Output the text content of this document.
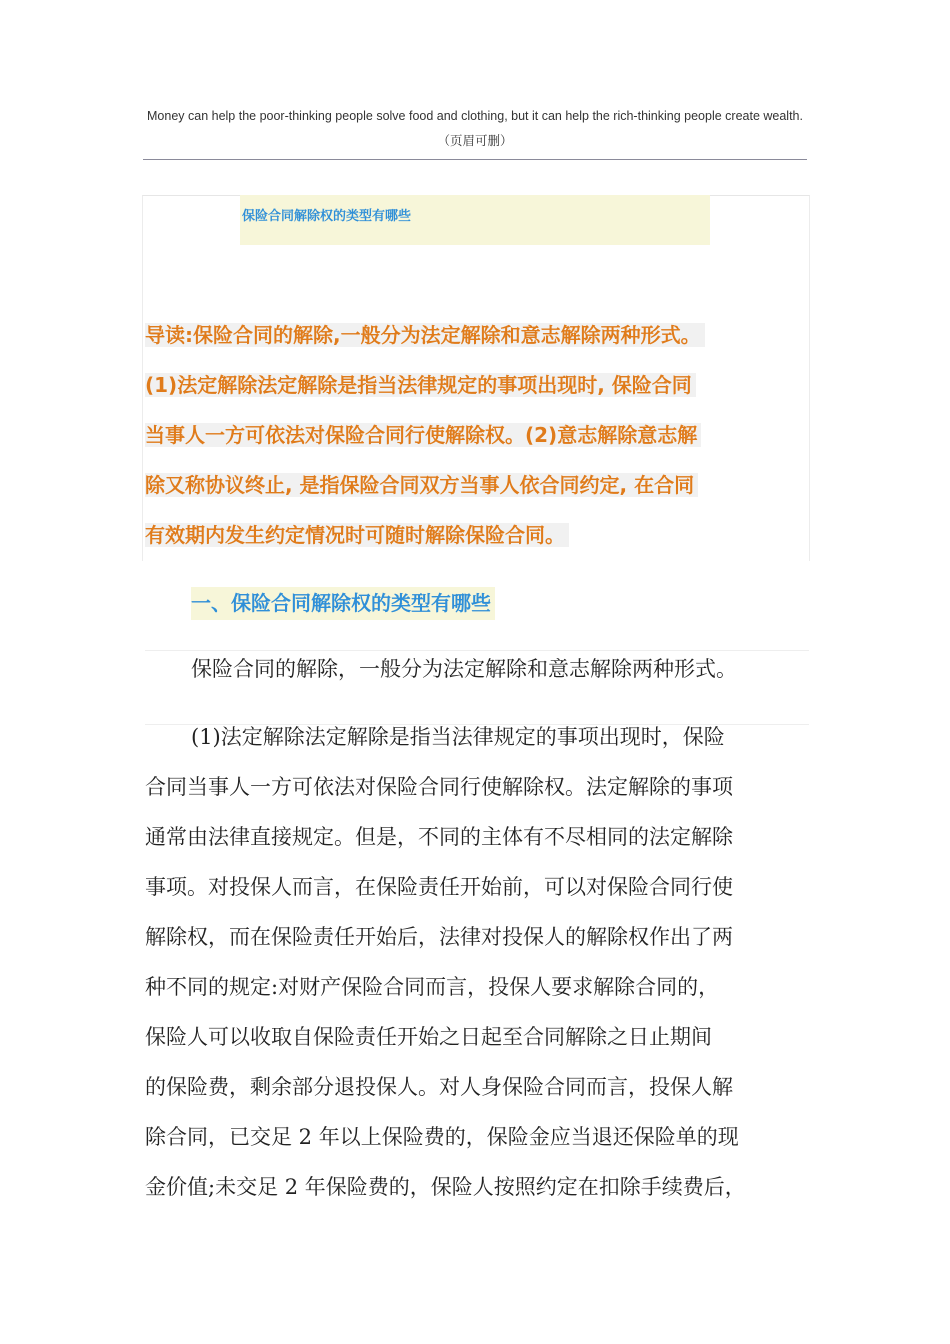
Money can help the poor-thinking people solve food and clothing, but it can help the rich-thinking people create wealth.（页眉可删）
保险合同解除权的类型有哪些
导读:保险合同的解除,一般分为法定解除和意志解除两种形式。
(1)法定解除法定解除是指当法律规定的事项出现时, 保险合同
当事人一方可依法对保险合同行使解除权。(2)意志解除意志解
除又称协议终止, 是指保险合同双方当事人依合同约定, 在合同
有效期内发生约定情况时可随时解除保险合同。
一、保险合同解除权的类型有哪些
保险合同的解除，一般分为法定解除和意志解除两种形式。
(1)法定解除法定解除是指当法律规定的事项出现时，保险
合同当事人一方可依法对保险合同行使解除权。法定解除的事项
通常由法律直接规定。但是，不同的主体有不尽相同的法定解除
事项。对投保人而言，在保险责任开始前，可以对保险合同行使
解除权，而在保险责任开始后，法律对投保人的解除权作出了两
种不同的规定:对财产保险合同而言，投保人要求解除合同的，
保险人可以收取自保险责任开始之日起至合同解除之日止期间
的保险费，剩余部分退投保人。对人身保险合同而言，投保人解
除合同，已交足 2 年以上保险费的，保险金应当退还保险单的现
金价值;未交足 2 年保险费的，保险人按照约定在扣除手续费后，
